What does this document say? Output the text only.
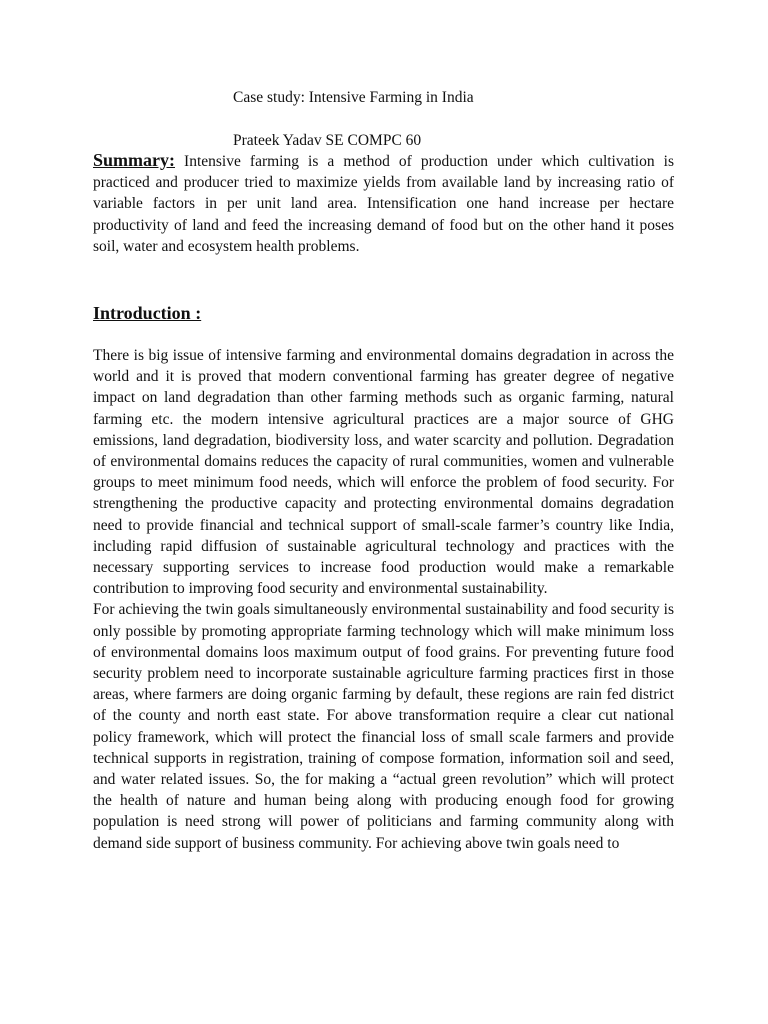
Case study: Intensive Farming in India
Prateek Yadav SE COMPC 60
Summary: Intensive farming is a method of production under which cultivation is practiced and producer tried to maximize yields from available land by increasing ratio of variable factors in per unit land area. Intensification one hand increase per hectare productivity of land and feed the increasing demand of food but on the other hand it poses soil, water and ecosystem health problems.
Introduction :

There is big issue of intensive farming and environmental domains degradation in across the world and it is proved that modern conventional farming has greater degree of negative impact on land degradation than other farming methods such as organic farming, natural farming etc. the modern intensive agricultural practices are a major source of GHG emissions, land degradation, biodiversity loss, and water scarcity and pollution. Degradation of environmental domains reduces the capacity of rural communities, women and vulnerable groups to meet minimum food needs, which will enforce the problem of food security. For strengthening the productive capacity and protecting environmental domains degradation need to provide financial and technical support of small-scale farmer’s country like India, including rapid diffusion of sustainable agricultural technology and practices with the necessary supporting services to increase food production would make a remarkable contribution to improving food security and environmental sustainability.

For achieving the twin goals simultaneously environmental sustainability and food security is only possible by promoting appropriate farming technology which will make minimum loss of environmental domains loos maximum output of food grains. For preventing future food security problem need to incorporate sustainable agriculture farming practices first in those areas, where farmers are doing organic farming by default, these regions are rain fed district of the county and north east state. For above transformation require a clear cut national policy framework, which will protect the financial loss of small scale farmers and provide technical supports in registration, training of compose formation, information soil and seed, and water related issues. So, the for making a “actual green revolution” which will protect the health of nature and human being along with producing enough food for growing population is need strong will power of politicians and farming community along with demand side support of business community. For achieving above twin goals need to
